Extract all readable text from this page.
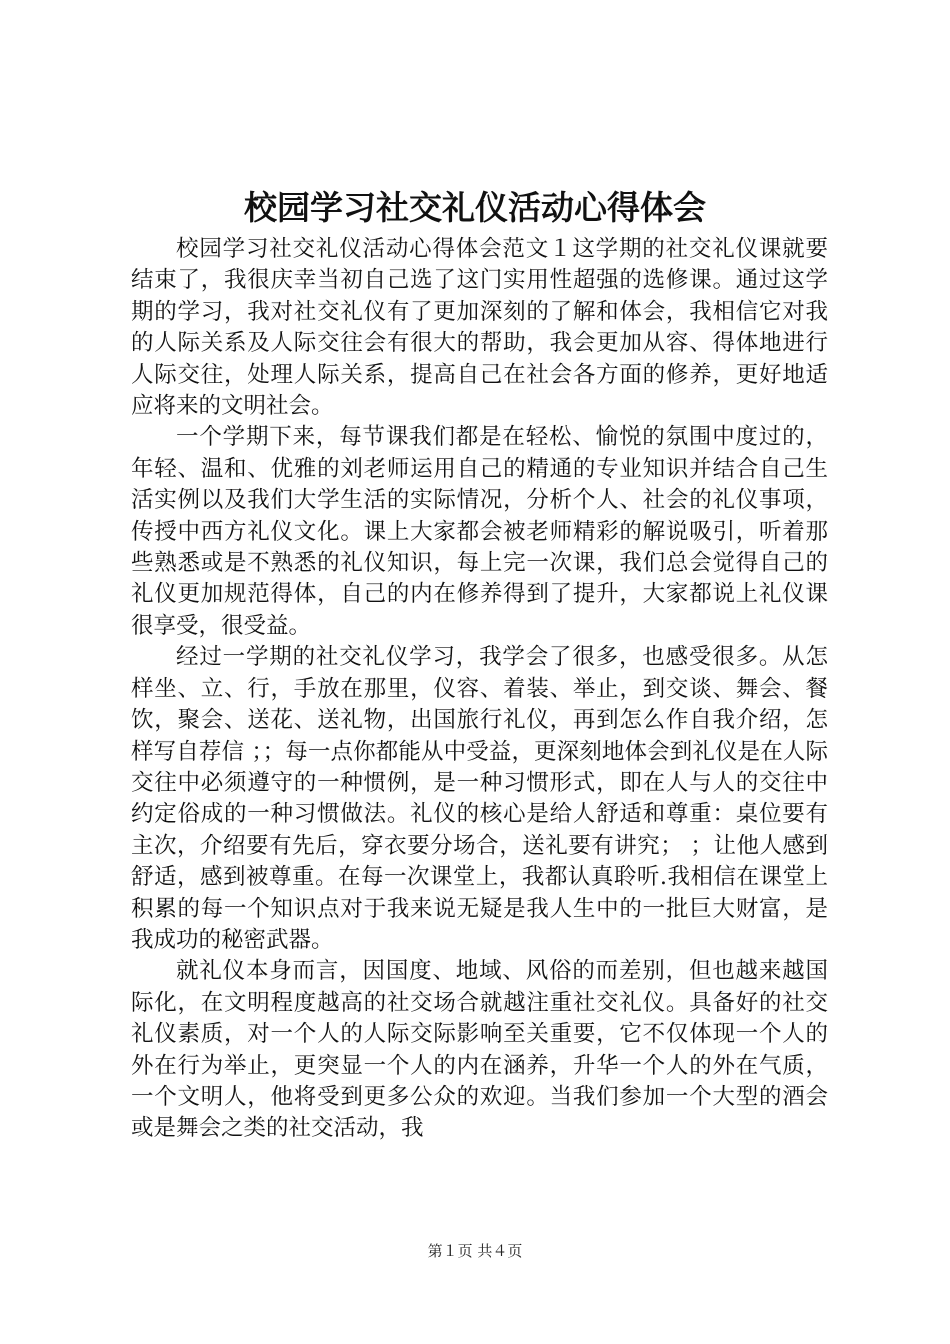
校园学习社交礼仪活动心得体会

校园学习社交礼仪活动心得体会范文１这学期的社交礼仪课就要结束了，我很庆幸当初自己选了这门实用性超强的选修课。通过这学期的学习，我对社交礼仪有了更加深刻的了解和体会，我相信它对我的人际关系及人际交往会有很大的帮助，我会更加从容、得体地进行人际交往，处理人际关系，提高自己在社会各方面的修养，更好地适应将来的文明社会。

一个学期下来，每节课我们都是在轻松、愉悦的氛围中度过的，年轻、温和、优雅的刘老师运用自己的精通的专业知识并结合自己生活实例以及我们大学生活的实际情况，分析个人、社会的礼仪事项，传授中西方礼仪文化。课上大家都会被老师精彩的解说吸引，听着那些熟悉或是不熟悉的礼仪知识，每上完一次课，我们总会觉得自己的礼仪更加规范得体，自己的内在修养得到了提升，大家都说上礼仪课很享受，很受益。

经过一学期的社交礼仪学习，我学会了很多，也感受很多。从怎样坐、立、行，手放在那里，仪容、着装、举止，到交谈、舞会、餐饮，聚会、送花、送礼物，出国旅行礼仪，再到怎么作自我介绍，怎样写自荐信 ；；每一点你都能从中受益，更深刻地体会到礼仪是在人际交往中必须遵守的一种惯例，是一种习惯形式，即在人与人的交往中约定俗成的一种习惯做法。礼仪的核心是给人舒适和尊重：桌位要有主次，介绍要有先后，穿衣要分场合，送礼要有讲究； ；让他人感到舒适，感到被尊重。在每一次课堂上，我都认真聆听.我相信在课堂上积累的每一个知识点对于我来说无疑是我人生中的一批巨大财富，是我成功的秘密武器。

就礼仪本身而言，因国度、地域、风俗的而差别，但也越来越国际化，在文明程度越高的社交场合就越注重社交礼仪。具备好的社交礼仪素质，对一个人的人际交际影响至关重要，它不仅体现一个人的外在行为举止，更突显一个人的内在涵养，升华一个人的外在气质，一个文明人，他将受到更多公众的欢迎。当我们参加一个大型的酒会或是舞会之类的社交活动，我

第１页 共４页
